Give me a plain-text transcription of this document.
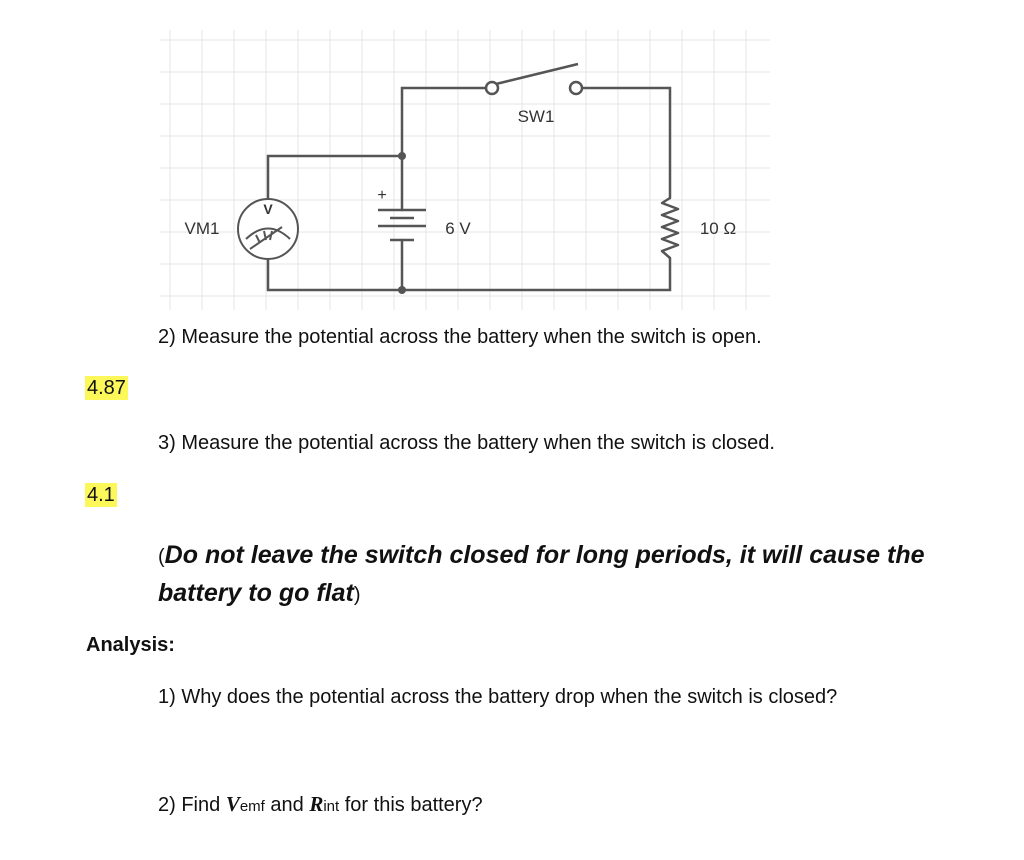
SW1
V
VM1
+
6 V	10 Ω
2) Measure the potential across the battery when the switch is open.
4.87
3) Measure the potential across the battery when the switch is closed.
4.1
(Do not leave the switch closed for long periods, it will cause the battery to go flat)
Analysis:
1) Why does the potential across the battery drop when the switch is closed?
2) Find Vemf and Rint for this battery?
